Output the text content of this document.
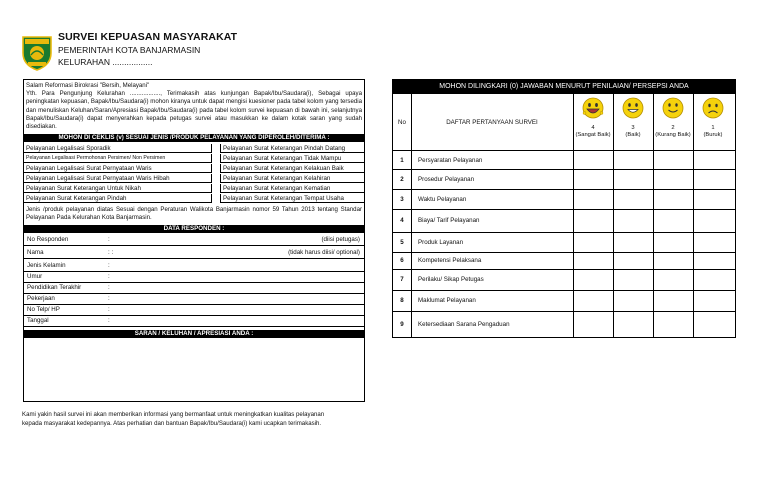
SURVEI KEPUASAN MASYARAKAT
PEMERINTAH KOTA BANJARMASIN
KELURAHAN .................

Salam Reformasi Birokrasi "Bersih, Melayani"

Yth. Para Pengunjung Kelurahan .................., Terimakasih atas kunjungan Bapak/Ibu/Saudara(i), Sebagai upaya peningkatan kepuasan, Bapak/Ibu/Saudara(i) mohon kiranya untuk dapat mengisi kuesioner pada tabel kolom yang tersedia dan menuliskan Keluhan/Saran/Apresiasi Bapak/Ibu/Saudara(i) pada tabel kolom survei kepuasan di bawah ini, selanjutnya Bapak/Ibu/Saudara(i) dapat menyerahkan kepada petugas survei atau masukkan ke dalam kotak saran yang sudah disediakan.

MOHON DI CEKLIS (v) SESUAI JENIS /PRODUK PELAYANAN YANG DIPEROLEH/DITERIMA :
Pelayanan Legalisasi Sporadik
Pelayanan Legalisasi Permohonan Persimen/ Non Persimen
Pelayanan Legalisasi Surat Pernyataan Waris
Pelayanan Legalisasi Surat Pernyataan Waris Hibah
Pelayanan Surat Keterangan Untuk Nikah
Pelayanan Surat Keterangan Pindah
Pelayanan Surat Keterangan Pindah Datang
Pelayanan Surat Keterangan Tidak Mampu
Pelayanan Surat Keterangan Kelakuan Baik
Pelayanan Surat Keterangan Kelahiran
Pelayanan Surat Keterangan Kematian
Pelayanan Surat Keterangan Tempat Usaha
Jenis /produk pelayanan diatas Sesuai dengan Peraturan Walikota Banjarmasin nomor 59 Tahun 2013 tentang Standar Pelayanan Pada Kelurahan Kota Banjarmasin.
DATA RESPONDEN :
No Responden	:	(diisi petugas)
Nama	: :	(tidak harus diisi/ optional)
Jenis Kelamin	:
Umur	:
Pendidikan Terakhir	:
Pekerjaan	:
No Telp/ HP	:
Tanggal	:
SARAN / KELUHAN / APRESIASI ANDA :
Kami yakin hasil survei ini akan memberikan informasi yang bermanfaat untuk meningkatkan kualitas pelayanan
kepada masyarakat kedepannya. Atas perhatian dan bantuan Bapak/Ibu/Saudara(i) kami ucapkan terimakasih.
MOHON DILINGKARI (0) JAWABAN MENURUT PENILAIAN/ PERSEPSI ANDA
No	DAFTAR PERTANYAAN SURVEI
4
(Sangat Baik)
3
(Baik)
2
(Kurang Baik)
1
(Buruk)
1	Persyaratan Pelayanan
2	Prosedur Pelayanan
3	Waktu Pelayanan
4	Biaya/ Tarif Pelayanan
5	Produk Layanan
6	Kompetensi Pelaksana
7	Perilaku/ Sikap Petugas
8	Maklumat Pelayanan
9	Ketersediaan Sarana Pengaduan
